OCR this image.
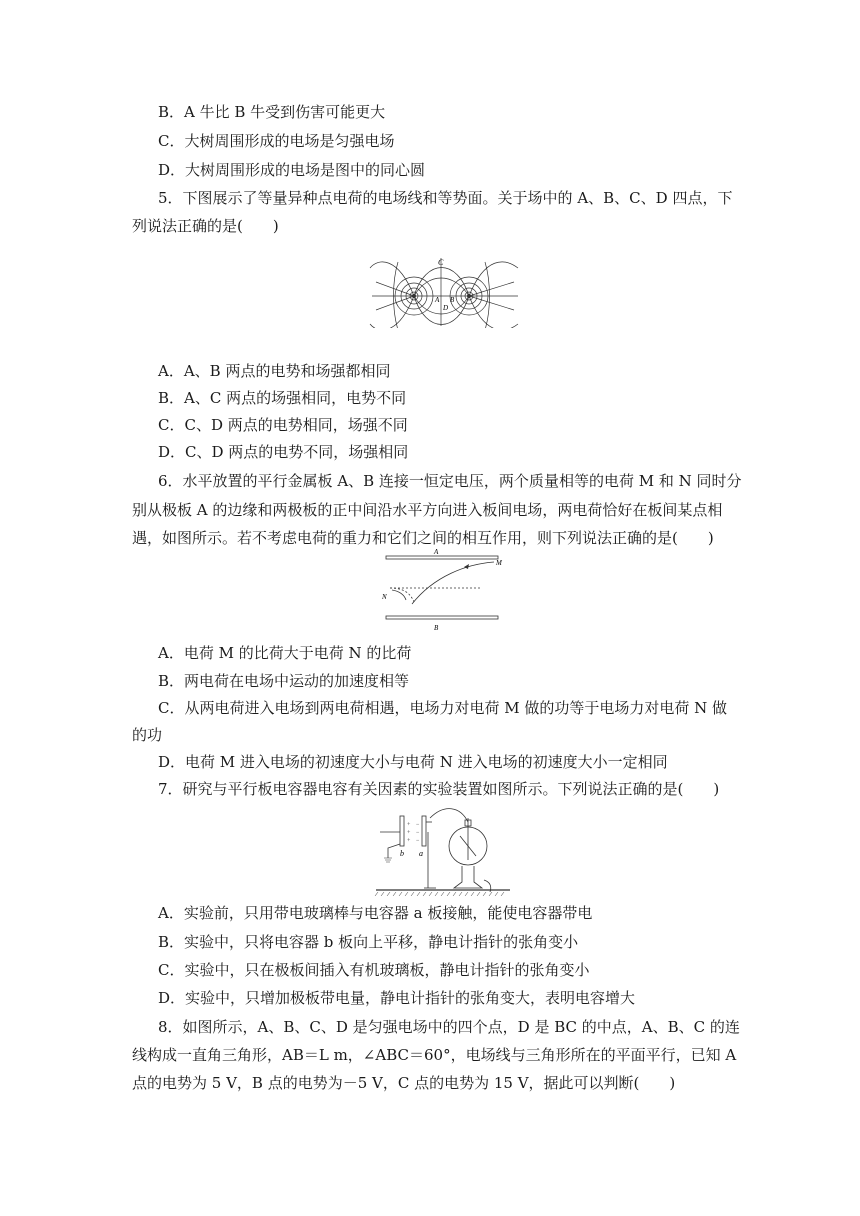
B．A 牛比 B 牛受到伤害可能更大
C．大树周围形成的电场是匀强电场
D．大树周围形成的电场是图中的同心圆
5．下图展示了等量异种点电荷的电场线和等势面。关于场中的 A、B、C、D 四点，下
列说法正确的是(　　)
C
A B
D
A．A、B 两点的电势和场强都相同
B．A、C 两点的场强相同，电势不同
C．C、D 两点的电势相同，场强不同
D．C、D 两点的电势不同，场强相同
6．水平放置的平行金属板 A、B 连接一恒定电压，两个质量相等的电荷 M 和 N 同时分
别从极板 A 的边缘和两极板的正中间沿水平方向进入板间电场，两电荷恰好在板间某点相
遇，如图所示。若不考虑电荷的重力和它们之间的相互作用，则下列说法正确的是(　　)
A
M
N
B
A．电荷 M 的比荷大于电荷 N 的比荷
B．两电荷在电场中运动的加速度相等
C．从两电荷进入电场到两电荷相遇，电场力对电荷 M 做的功等于电场力对电荷 N 做
的功
D．电荷 M 进入电场的初速度大小与电荷 N 进入电场的初速度大小一定相同
7．研究与平行板电容器电容有关因素的实验装置如图所示。下列说法正确的是(　　)
+
+
+
−
−
−
b a
A．实验前，只用带电玻璃棒与电容器 a 板接触，能使电容器带电
B．实验中，只将电容器 b 板向上平移，静电计指针的张角变小
C．实验中，只在极板间插入有机玻璃板，静电计指针的张角变小
D．实验中，只增加极板带电量，静电计指针的张角变大，表明电容增大
8．如图所示，A、B、C、D 是匀强电场中的四个点，D 是 BC 的中点，A、B、C 的连
线构成一直角三角形，AB＝L m，∠ABC＝60°，电场线与三角形所在的平面平行，已知 A
点的电势为 5 V，B 点的电势为－5 V，C 点的电势为 15 V，据此可以判断(　　)
